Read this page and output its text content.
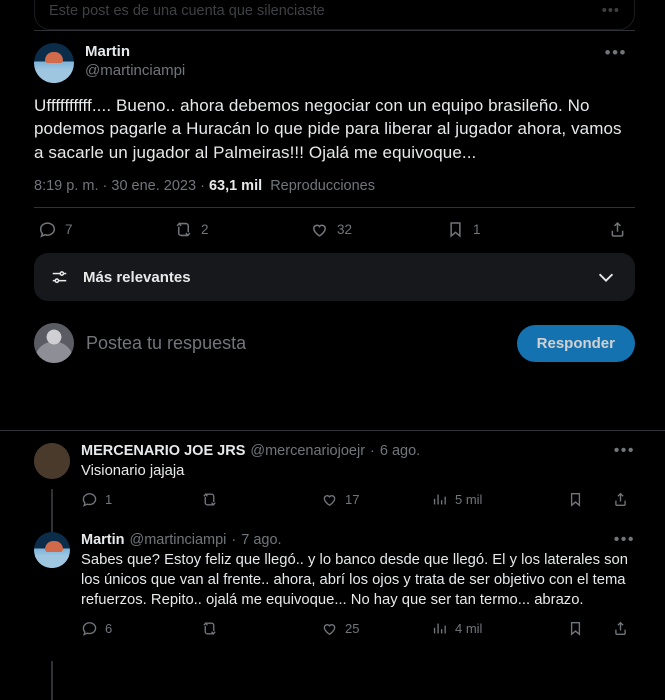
Este post es de una cuenta que silenciaste	•••
Martin
@martinciampi
•••
Uffffffffff.... Bueno.. ahora debemos negociar con un equipo brasileño. No podemos pagarle a Huracán lo que pide para liberar al jugador ahora, vamos a sacarle un jugador al Palmeiras!!! Ojalá me equivoque...
8:19 p. m. · 30 ene. 2023 · 63,1 mil Reproducciones
7	2	32	1
Más relevantes
Postea tu respuesta	Responder
MERCENARIO JOE JRS @mercenariojoejr · 6 ago.	•••
Visionario jajaja
1	17	5 mil
Martin @martinciampi · 7 ago.	•••
Sabes que? Estoy feliz que llegó.. y lo banco desde que llegó. El y los laterales son los únicos que van al frente.. ahora, abrí los ojos y trata de ser objetivo con el tema refuerzos. Repito.. ojalá me equivoque... No hay que ser tan termo... abrazo.
6	25	4 mil
